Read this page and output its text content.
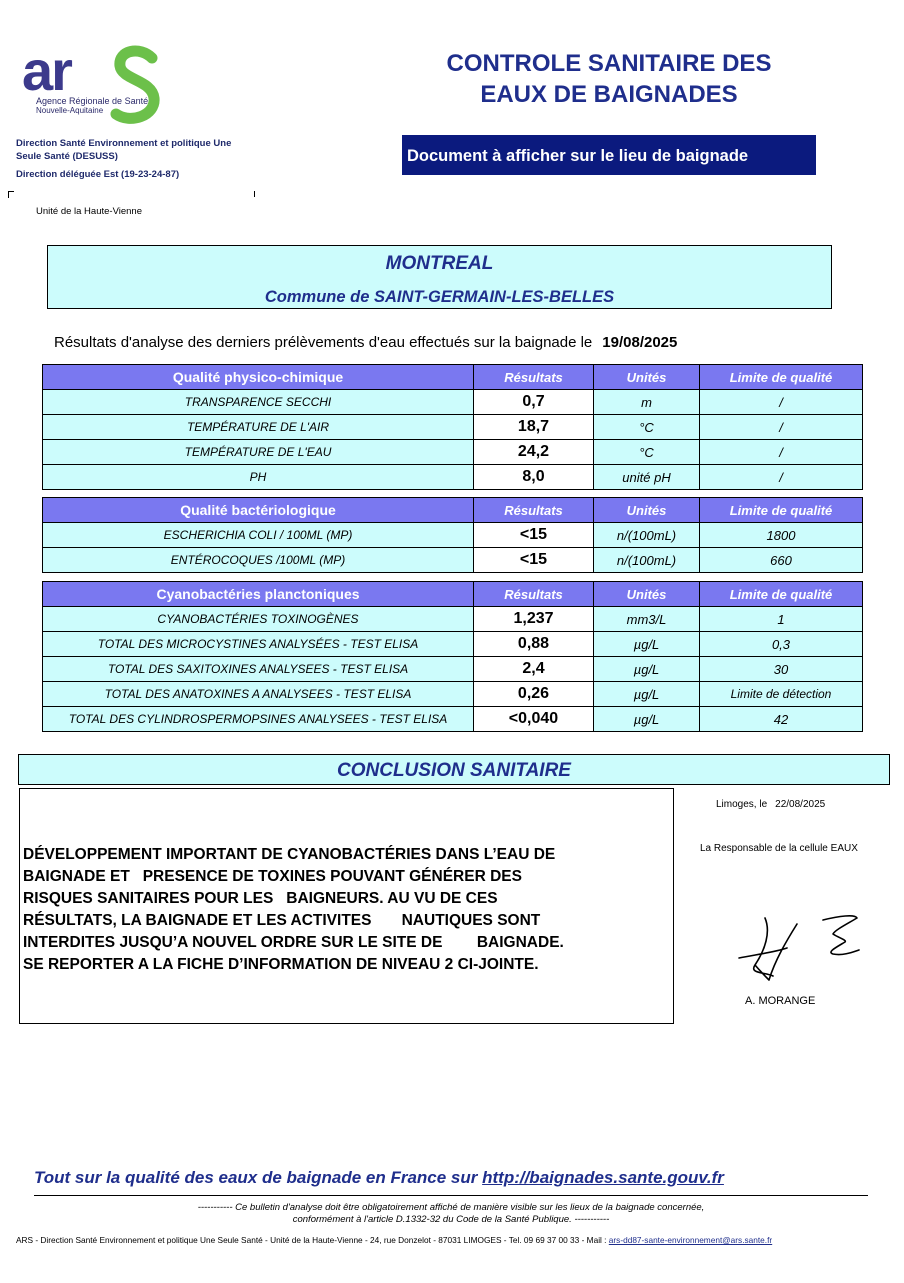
ar
Agence Régionale de Santé
Nouvelle-Aquitaine
Direction Santé Environnement et politique Une Seule Santé (DESUSS)
Direction déléguée Est (19-23-24-87)
Unité de la Haute-Vienne
CONTROLE SANITAIRE DES
EAUX DE BAIGNADES
Document à afficher sur le lieu de baignade
MONTREAL
Commune de SAINT-GERMAIN-LES-BELLES
Résultats d'analyse des derniers prélèvements d'eau effectués sur la baignade le 19/08/2025
Qualité physico-chimique	Résultats	Unités	Limite de qualité
TRANSPARENCE SECCHI	0,7	m	/
TEMPÉRATURE DE L'AIR	18,7	°C	/
TEMPÉRATURE DE L'EAU	24,2	°C	/
PH	8,0	unité pH	/
Qualité bactériologique	Résultats	Unités	Limite de qualité
ESCHERICHIA COLI / 100ML (MP)	<15	n/(100mL)	1800
ENTÉROCOQUES /100ML (MP)	<15	n/(100mL)	660
Cyanobactéries planctoniques	Résultats	Unités	Limite de qualité
CYANOBACTÉRIES TOXINOGÈNES	1,237	mm3/L	1
TOTAL DES MICROCYSTINES ANALYSÉES - TEST ELISA	0,88	µg/L	0,3
TOTAL DES SAXITOXINES ANALYSEES - TEST ELISA	2,4	µg/L	30
TOTAL DES ANATOXINES A ANALYSEES - TEST ELISA	0,26	µg/L	Limite de détection
TOTAL DES CYLINDROSPERMOPSINES ANALYSEES - TEST ELISA	<0,040	µg/L	42
CONCLUSION SANITAIRE
DÉVELOPPEMENT IMPORTANT DE CYANOBACTÉRIES DANS L’EAU DE
BAIGNADE ET   PRESENCE DE TOXINES POUVANT GÉNÉRER DES
RISQUES SANITAIRES POUR LES   BAIGNEURS. AU VU DE CES
RÉSULTATS, LA BAIGNADE ET LES ACTIVITES       NAUTIQUES SONT
INTERDITES JUSQU’A NOUVEL ORDRE SUR LE SITE DE        BAIGNADE.
SE REPORTER A LA FICHE D’INFORMATION DE NIVEAU 2 CI-JOINTE.
Limoges, le 22/08/2025
La Responsable de la cellule EAUX
A. MORANGE
Tout sur la qualité des eaux de baignade en France sur http://baignades.sante.gouv.fr
----------- Ce bulletin d'analyse doit être obligatoirement affiché de manière visible sur les lieux de la baignade concernée,
conformément à l'article D.1332-32 du Code de la Santé Publique. -----------
ARS - Direction Santé Environnement et politique Une Seule Santé - Unité de la Haute-Vienne - 24, rue Donzelot - 87031 LIMOGES - Tel. 09 69 37 00 33 - Mail : ars-dd87-sante-environnement@ars.sante.fr
